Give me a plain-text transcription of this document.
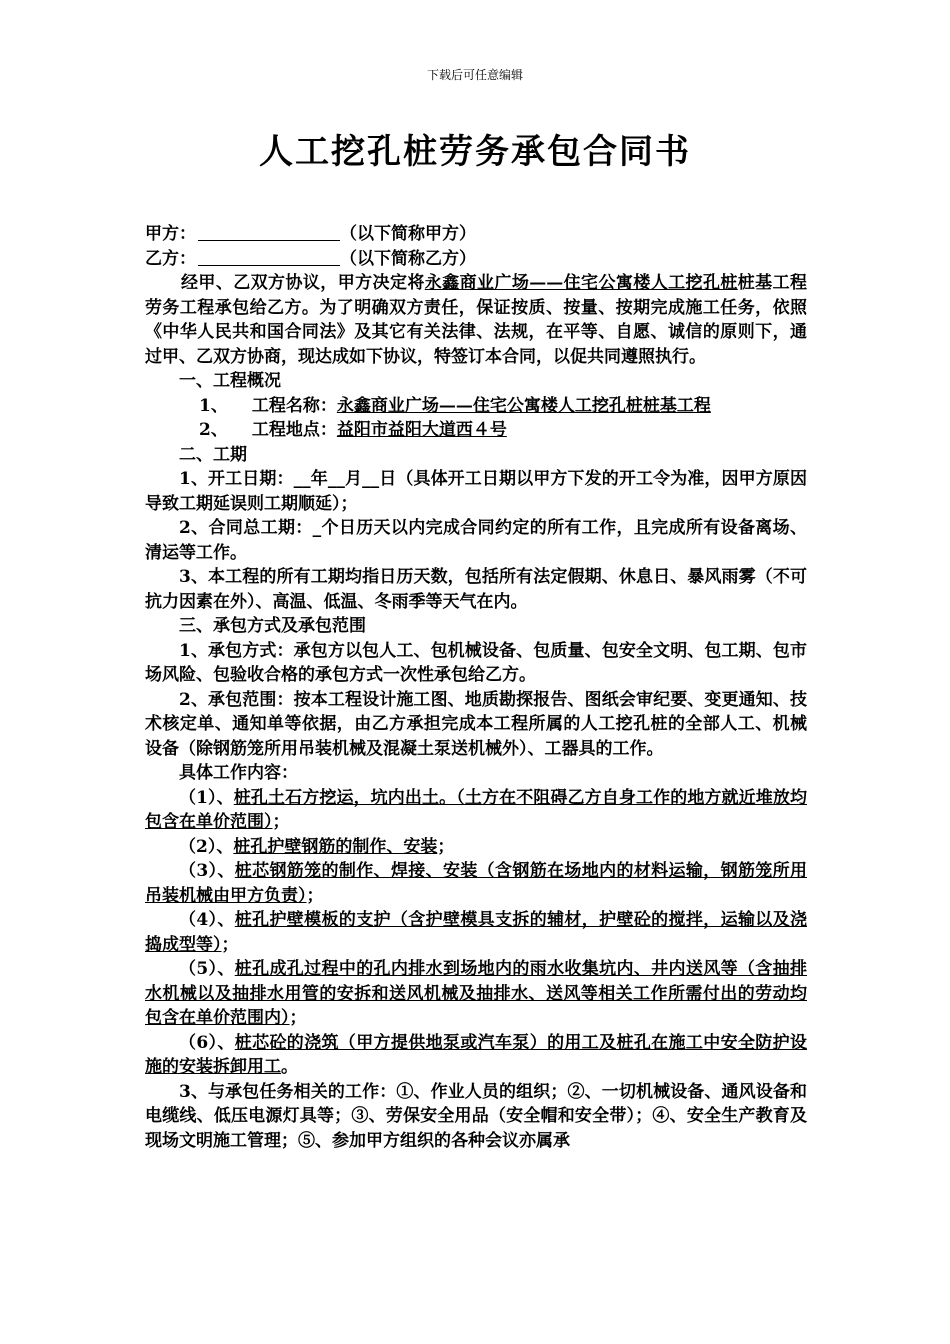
下载后可任意编辑
人工挖孔桩劳务承包合同书

甲方：	（以下简称甲方）

乙方：	（以下简称乙方）

经甲、乙双方协议，甲方决定将永鑫商业广场——住宅公寓楼人工挖孔桩桩基工程劳务工程承包给乙方。为了明确双方责任，保证按质、按量、按期完成施工任务，依照《中华人民共和国合同法》及其它有关法律、法规，在平等、自愿、诚信的原则下，通过甲、乙双方协商，现达成如下协议，特签订本合同，以促共同遵照执行。

一、工程概况

1、 工程名称：永鑫商业广场——住宅公寓楼人工挖孔桩桩基工程

2、 工程地点：益阳市益阳大道西４号

二、工期

1、开工日期：__年__月__日（具体开工日期以甲方下发的开工令为准，因甲方原因导致工期延误则工期顺延）；

2、合同总工期：_个日历天以内完成合同约定的所有工作，且完成所有设备离场、清运等工作。

3、本工程的所有工期均指日历天数，包括所有法定假期、休息日、暴风雨雾（不可抗力因素在外）、高温、低温、冬雨季等天气在内。

三、承包方式及承包范围

1、承包方式：承包方以包人工、包机械设备、包质量、包安全文明、包工期、包市场风险、包验收合格的承包方式一次性承包给乙方。

2、承包范围：按本工程设计施工图、地质勘探报告、图纸会审纪要、变更通知、技术核定单、通知单等依据，由乙方承担完成本工程所属的人工挖孔桩的全部人工、机械设备（除钢筋笼所用吊装机械及混凝土泵送机械外）、工器具的工作。

具体工作内容：

（1）、桩孔土石方挖运，坑内出土。（土方在不阻碍乙方自身工作的地方就近堆放均包含在单价范围）；

（2）、桩孔护壁钢筋的制作、安装；

（3）、桩芯钢筋笼的制作、焊接、安装（含钢筋在场地内的材料运输，钢筋笼所用吊装机械由甲方负责）；

（4）、桩孔护壁模板的支护（含护壁模具支拆的辅材，护壁砼的搅拌，运输以及浇捣成型等）；

（5）、桩孔成孔过程中的孔内排水到场地内的雨水收集坑内、井内送风等（含抽排水机械以及抽排水用管的安拆和送风机械及抽排水、送风等相关工作所需付出的劳动均包含在单价范围内）；

（6）、桩芯砼的浇筑（甲方提供地泵或汽车泵）的用工及桩孔在施工中安全防护设施的安装拆卸用工。

3、与承包任务相关的工作：①、作业人员的组织；②、一切机械设备、通风设备和电缆线、低压电源灯具等；③、劳保安全用品（安全帽和安全带）；④、安全生产教育及现场文明施工管理；⑤、参加甲方组织的各种会议亦属承
